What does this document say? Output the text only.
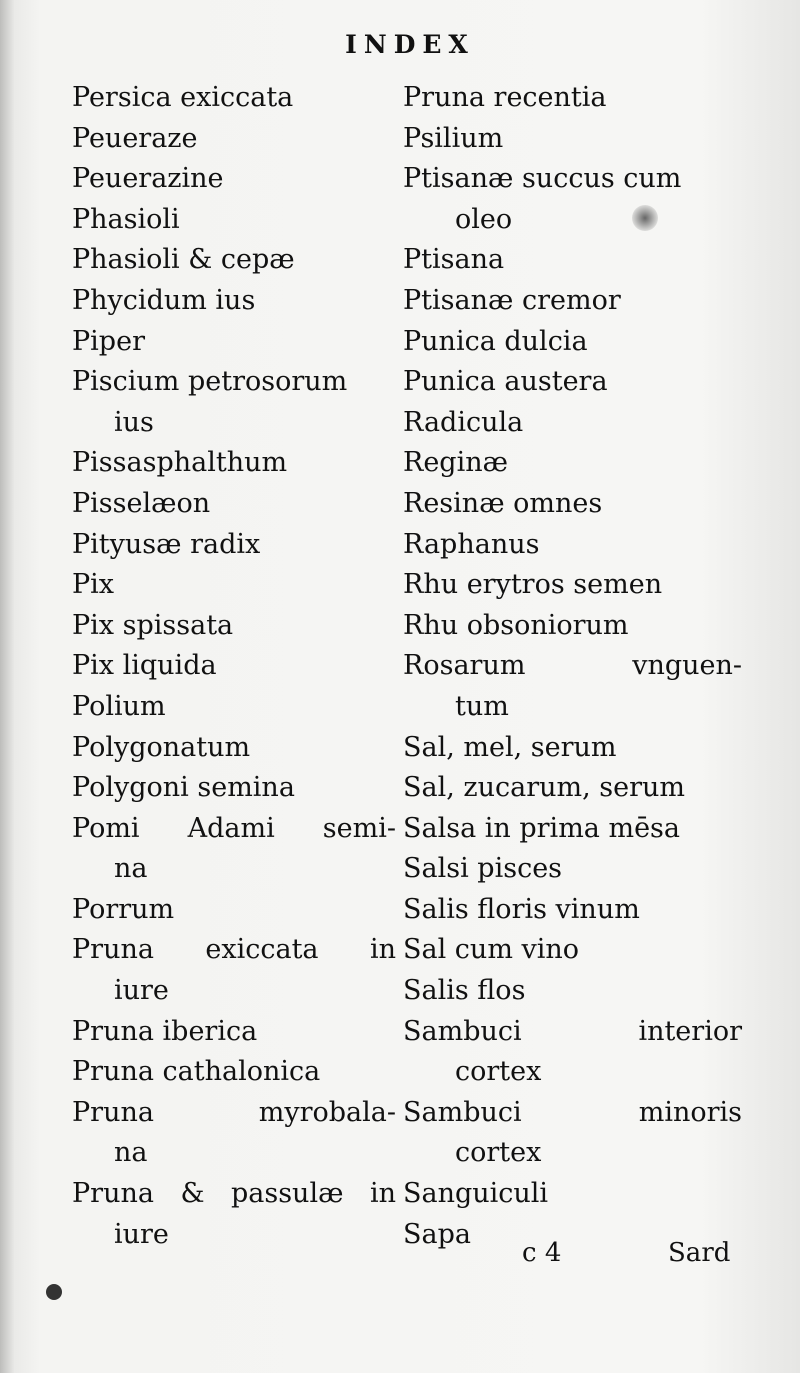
INDEX
Persica exiccata
Peueraze
Peuerazine
Phasioli
Phasioli & cepæ
Phycidum ius
Piper
Piscium petrosorum
ius
Pissasphalthum
Pisselæon
Pityusæ radix
Pix
Pix spissata
Pix liquida
Polium
Polygonatum
Polygoni semina
Pomi Adami semi-
na
Porrum
Pruna exiccata in
iure
Pruna iberica
Pruna cathalonica
Pruna	myrobala-
na
Pruna & passulæ in
iure
Pruna recentia
Psilium
Ptisanæ succus cum
oleo
Ptisana
Ptisanæ cremor
Punica dulcia
Punica austera
Radicula
Reginæ
Resinæ omnes
Raphanus
Rhu erytros semen
Rhu obsoniorum
Rosarum	vnguen-
tum
Sal, mel, serum
Sal, zucarum, serum
Salsa in prima mēsa
Salsi pisces
Salis floris vinum
Sal cum vino
Salis flos
Sambuci	interior
cortex
Sambuci	minoris
cortex
Sanguiculi
Sapa
c 4	Sard
